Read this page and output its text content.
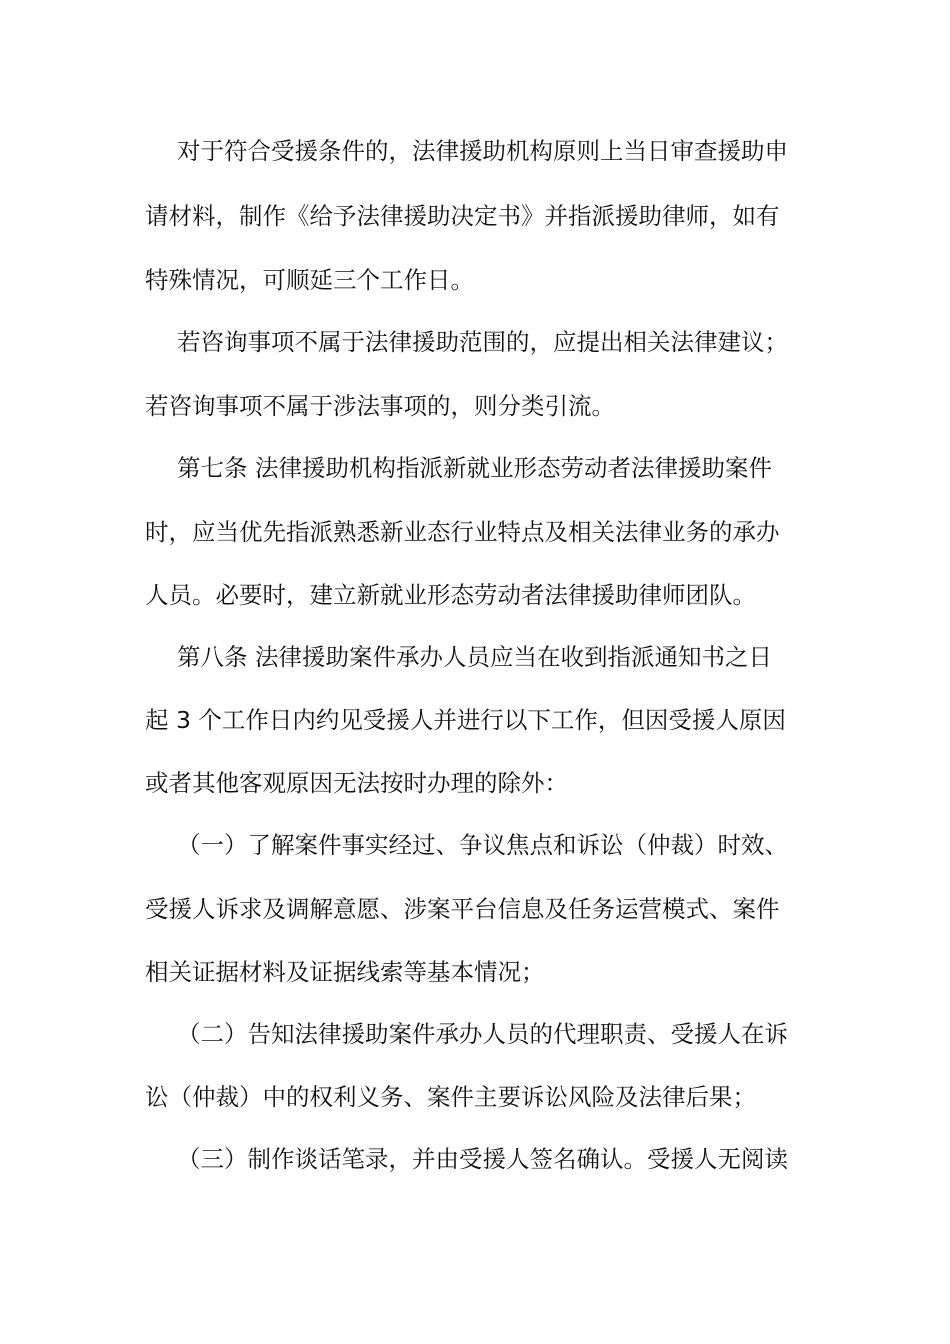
对于符合受援条件的，法律援助机构原则上当日审查援助申
请材料，制作《给予法律援助决定书》并指派援助律师，如有
特殊情况，可顺延三个工作日。
若咨询事项不属于法律援助范围的，应提出相关法律建议；
若咨询事项不属于涉法事项的，则分类引流。
第七条 法律援助机构指派新就业形态劳动者法律援助案件
时，应当优先指派熟悉新业态行业特点及相关法律业务的承办
人员。必要时，建立新就业形态劳动者法律援助律师团队。
第八条 法律援助案件承办人员应当在收到指派通知书之日
起 3 个工作日内约见受援人并进行以下工作，但因受援人原因
或者其他客观原因无法按时办理的除外：
（一）了解案件事实经过、争议焦点和诉讼（仲裁）时效、
受援人诉求及调解意愿、涉案平台信息及任务运营模式、案件
相关证据材料及证据线索等基本情况；
（二）告知法律援助案件承办人员的代理职责、受援人在诉
讼（仲裁）中的权利义务、案件主要诉讼风险及法律后果；
（三）制作谈话笔录，并由受援人签名确认。受援人无阅读
